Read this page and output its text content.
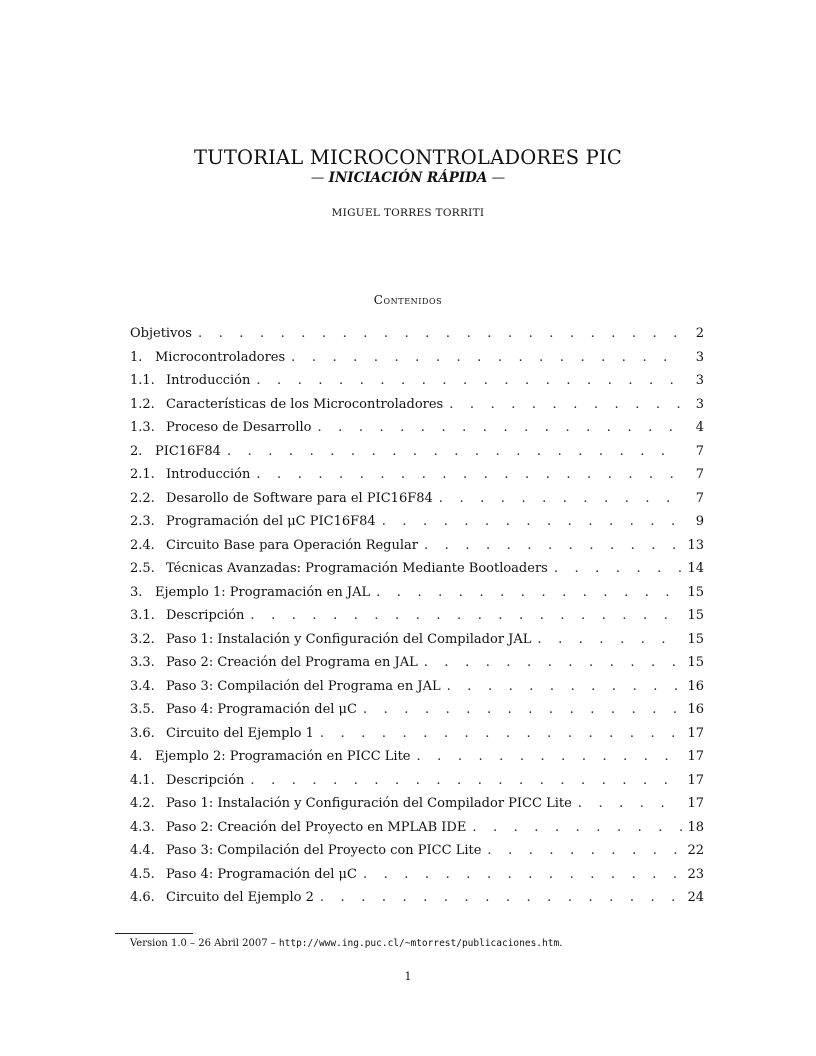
TUTORIAL MICROCONTROLADORES PIC
— INICIACIÓN RÁPIDA —
MIGUEL TORRES TORRITI
Contenidos
Objetivos . . .	2
1. Microcontroladores . . .	3
1.1. Introducción . . .	3
1.2. Características de los Microcontroladores . . .	3
1.3. Proceso de Desarrollo . . .	4
2. PIC16F84 . . .	7
2.1. Introducción . . .	7
2.2. Desarollo de Software para el PIC16F84 . . .	7
2.3. Programación del μC PIC16F84 . . .	9
2.4. Circuito Base para Operación Regular . . .	13
2.5. Técnicas Avanzadas: Programación Mediante Bootloaders . . .	14
3. Ejemplo 1: Programación en JAL . . .	15
3.1. Descripción . . .	15
3.2. Paso 1: Instalación y Configuración del Compilador JAL . . .	15
3.3. Paso 2: Creación del Programa en JAL . . .	15
3.4. Paso 3: Compilación del Programa en JAL . . .	16
3.5. Paso 4: Programación del μC . . .	16
3.6. Circuito del Ejemplo 1 . . .	17
4. Ejemplo 2: Programación en PICC Lite . . .	17
4.1. Descripción . . .	17
4.2. Paso 1: Instalación y Configuración del Compilador PICC Lite . . .	17
4.3. Paso 2: Creación del Proyecto en MPLAB IDE . . .	18
4.4. Paso 3: Compilación del Proyecto con PICC Lite . . .	22
4.5. Paso 4: Programación del μC . . .	23
4.6. Circuito del Ejemplo 2 . . .	24
Version 1.0 – 26 Abril 2007 – http://www.ing.puc.cl/~mtorrest/publicaciones.htm.
1
